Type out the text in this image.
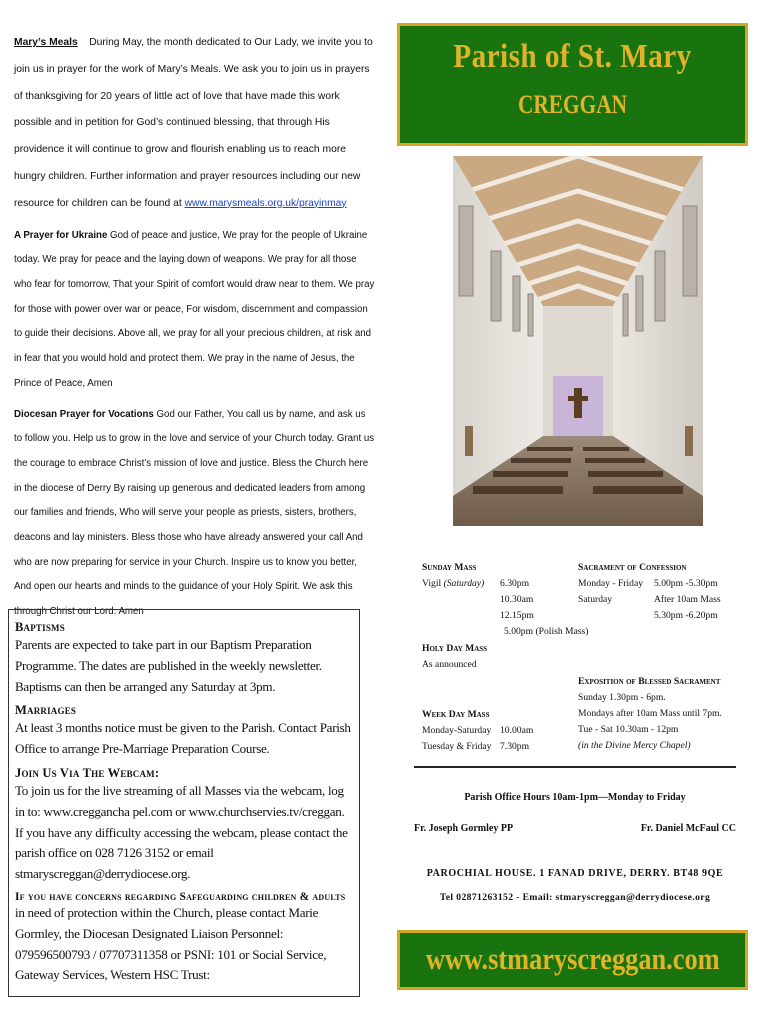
Mary’s Meals During May, the month dedicated to Our Lady, we invite you to join us in prayer for the work of Mary’s Meals. We ask you to join us in prayers of thanksgiving for 20 years of little act of love that have made this work possible and in petition for God’s continued blessing, that through His providence it will continue to grow and flourish enabling us to reach more hungry children. Further information and prayer resources including our new resource for children can be found at www.marysmeals.org.uk/prayinmay

A Prayer for Ukraine God of peace and justice, We pray for the people of Ukraine today. We pray for peace and the laying down of weapons. We pray for all those who fear for tomorrow, That your Spirit of comfort would draw near to them. We pray for those with power over war or peace, For wisdom, discernment and compassion to guide their decisions. Above all, we pray for all your precious children, at risk and in fear that you would hold and protect them. We pray in the name of Jesus, the Prince of Peace, Amen

Diocesan Prayer for Vocations God our Father, You call us by name, and ask us to follow you. Help us to grow in the love and service of your Church today. Grant us the courage to embrace Christ’s mission of love and justice. Bless the Church here in the diocese of Derry By raising up generous and dedicated leaders from among our families and friends, Who will serve your people as priests, sisters, brothers, deacons and lay ministers. Bless those who have already answered your call And who are now preparing for service in your Church. Inspire us to know you better, And open our hearts and minds to the guidance of your Holy Spirit. We ask this through Christ our Lord. Amen

Baptisms

Parents are expected to take part in our Baptism Preparation Programme. The dates are published in the weekly newsletter. Baptisms can then be arranged any Saturday at 3pm.

Marriages

At least 3 months notice must be given to the Parish. Contact Parish Office to arrange Pre-Marriage Preparation Course.

Join Us Via The Webcam:

To join us for the live streaming of all Masses via the webcam, log in to: www.creggancha pel.com or www.churchservies.tv/creggan.

If you have any difficulty accessing the webcam, please contact the parish office on 028 7126 3152 or email stmaryscreggan@derrydiocese.org.

If you have concerns regarding Safeguarding children & adults

in need of protection within the Church, please contact Marie Gormley, the Diocesan Designated Liaison Personnel: 079596500793 / 07707311358 or PSNI: 101 or Social Service, Gateway Services, Western HSC Trust:

Parish of St. Mary
CREGGAN
Sunday Mass
Vigil (Saturday) 6.30pm
10.30am
12.15pm
5.00pm (Polish Mass)
Sacrament of Confession
Monday - Friday 5.00pm -5.30pm
Saturday	After 10am Mass
5.30pm -6.20pm
Holy Day Mass
As announced
Exposition of Blessed Sacrament
Sunday 1.30pm - 6pm.
Mondays after 10am Mass until 7pm.
Tue - Sat 10.30am - 12pm
(in the Divine Mercy Chapel)
Week Day Mass
Monday-Saturday 10.00am
Tuesday & Friday 7.30pm
Parish Office Hours 10am-1pm—Monday to Friday
Fr. Joseph Gormley PP	Fr. Daniel McFaul CC
PAROCHIAL HOUSE. 1 FANAD DRIVE, DERRY. BT48 9QE
Tel 02871263152 - Email: stmaryscreggan@derrydiocese.org
www.stmaryscreggan.com
